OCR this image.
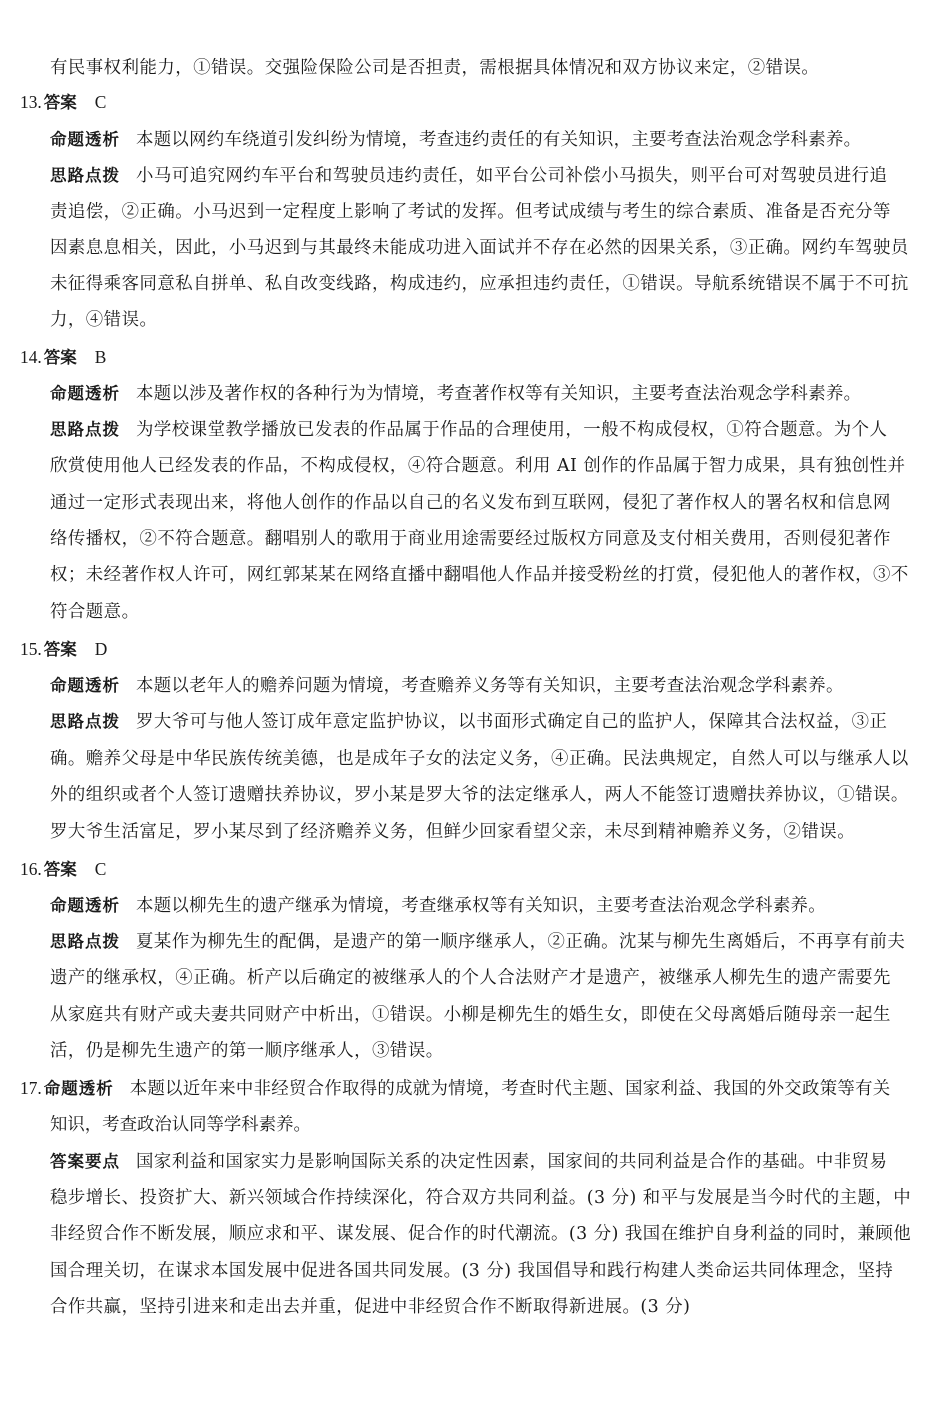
有民事权利能力，①错误。交强险保险公司是否担责，需根据具体情况和双方协议来定，②错误。
13. 答案 C
命题透析 本题以网约车绕道引发纠纷为情境，考查违约责任的有关知识，主要考查法治观念学科素养。
思路点拨 小马可追究网约车平台和驾驶员违约责任，如平台公司补偿小马损失，则平台可对驾驶员进行追
责追偿，②正确。小马迟到一定程度上影响了考试的发挥。但考试成绩与考生的综合素质、准备是否充分等
因素息息相关，因此，小马迟到与其最终未能成功进入面试并不存在必然的因果关系，③正确。网约车驾驶员
未征得乘客同意私自拼单、私自改变线路，构成违约，应承担违约责任，①错误。导航系统错误不属于不可抗
力，④错误。
14. 答案 B
命题透析 本题以涉及著作权的各种行为为情境，考查著作权等有关知识，主要考查法治观念学科素养。
思路点拨 为学校课堂教学播放已发表的作品属于作品的合理使用，一般不构成侵权，①符合题意。为个人
欣赏使用他人已经发表的作品，不构成侵权，④符合题意。利用 AI 创作的作品属于智力成果，具有独创性并
通过一定形式表现出来，将他人创作的作品以自己的名义发布到互联网，侵犯了著作权人的署名权和信息网
络传播权，②不符合题意。翻唱别人的歌用于商业用途需要经过版权方同意及支付相关费用，否则侵犯著作
权；未经著作权人许可，网红郭某某在网络直播中翻唱他人作品并接受粉丝的打赏，侵犯他人的著作权，③不
符合题意。
15. 答案 D
命题透析 本题以老年人的赡养问题为情境，考查赡养义务等有关知识，主要考查法治观念学科素养。
思路点拨 罗大爷可与他人签订成年意定监护协议，以书面形式确定自己的监护人，保障其合法权益，③正
确。赡养父母是中华民族传统美德，也是成年子女的法定义务，④正确。民法典规定，自然人可以与继承人以
外的组织或者个人签订遗赠扶养协议，罗小某是罗大爷的法定继承人，两人不能签订遗赠扶养协议，①错误。
罗大爷生活富足，罗小某尽到了经济赡养义务，但鲜少回家看望父亲，未尽到精神赡养义务，②错误。
16. 答案 C
命题透析 本题以柳先生的遗产继承为情境，考查继承权等有关知识，主要考查法治观念学科素养。
思路点拨 夏某作为柳先生的配偶，是遗产的第一顺序继承人，②正确。沈某与柳先生离婚后，不再享有前夫
遗产的继承权，④正确。析产以后确定的被继承人的个人合法财产才是遗产，被继承人柳先生的遗产需要先
从家庭共有财产或夫妻共同财产中析出，①错误。小柳是柳先生的婚生女，即使在父母离婚后随母亲一起生
活，仍是柳先生遗产的第一顺序继承人，③错误。
17. 命题透析 本题以近年来中非经贸合作取得的成就为情境，考查时代主题、国家利益、我国的外交政策等有关
知识，考查政治认同等学科素养。
答案要点 国家利益和国家实力是影响国际关系的决定性因素，国家间的共同利益是合作的基础。中非贸易
稳步增长、投资扩大、新兴领域合作持续深化，符合双方共同利益。(3 分) 和平与发展是当今时代的主题，中
非经贸合作不断发展，顺应求和平、谋发展、促合作的时代潮流。(3 分) 我国在维护自身利益的同时，兼顾他
国合理关切，在谋求本国发展中促进各国共同发展。(3 分) 我国倡导和践行构建人类命运共同体理念，坚持
合作共赢，坚持引进来和走出去并重，促进中非经贸合作不断取得新进展。(3 分)
